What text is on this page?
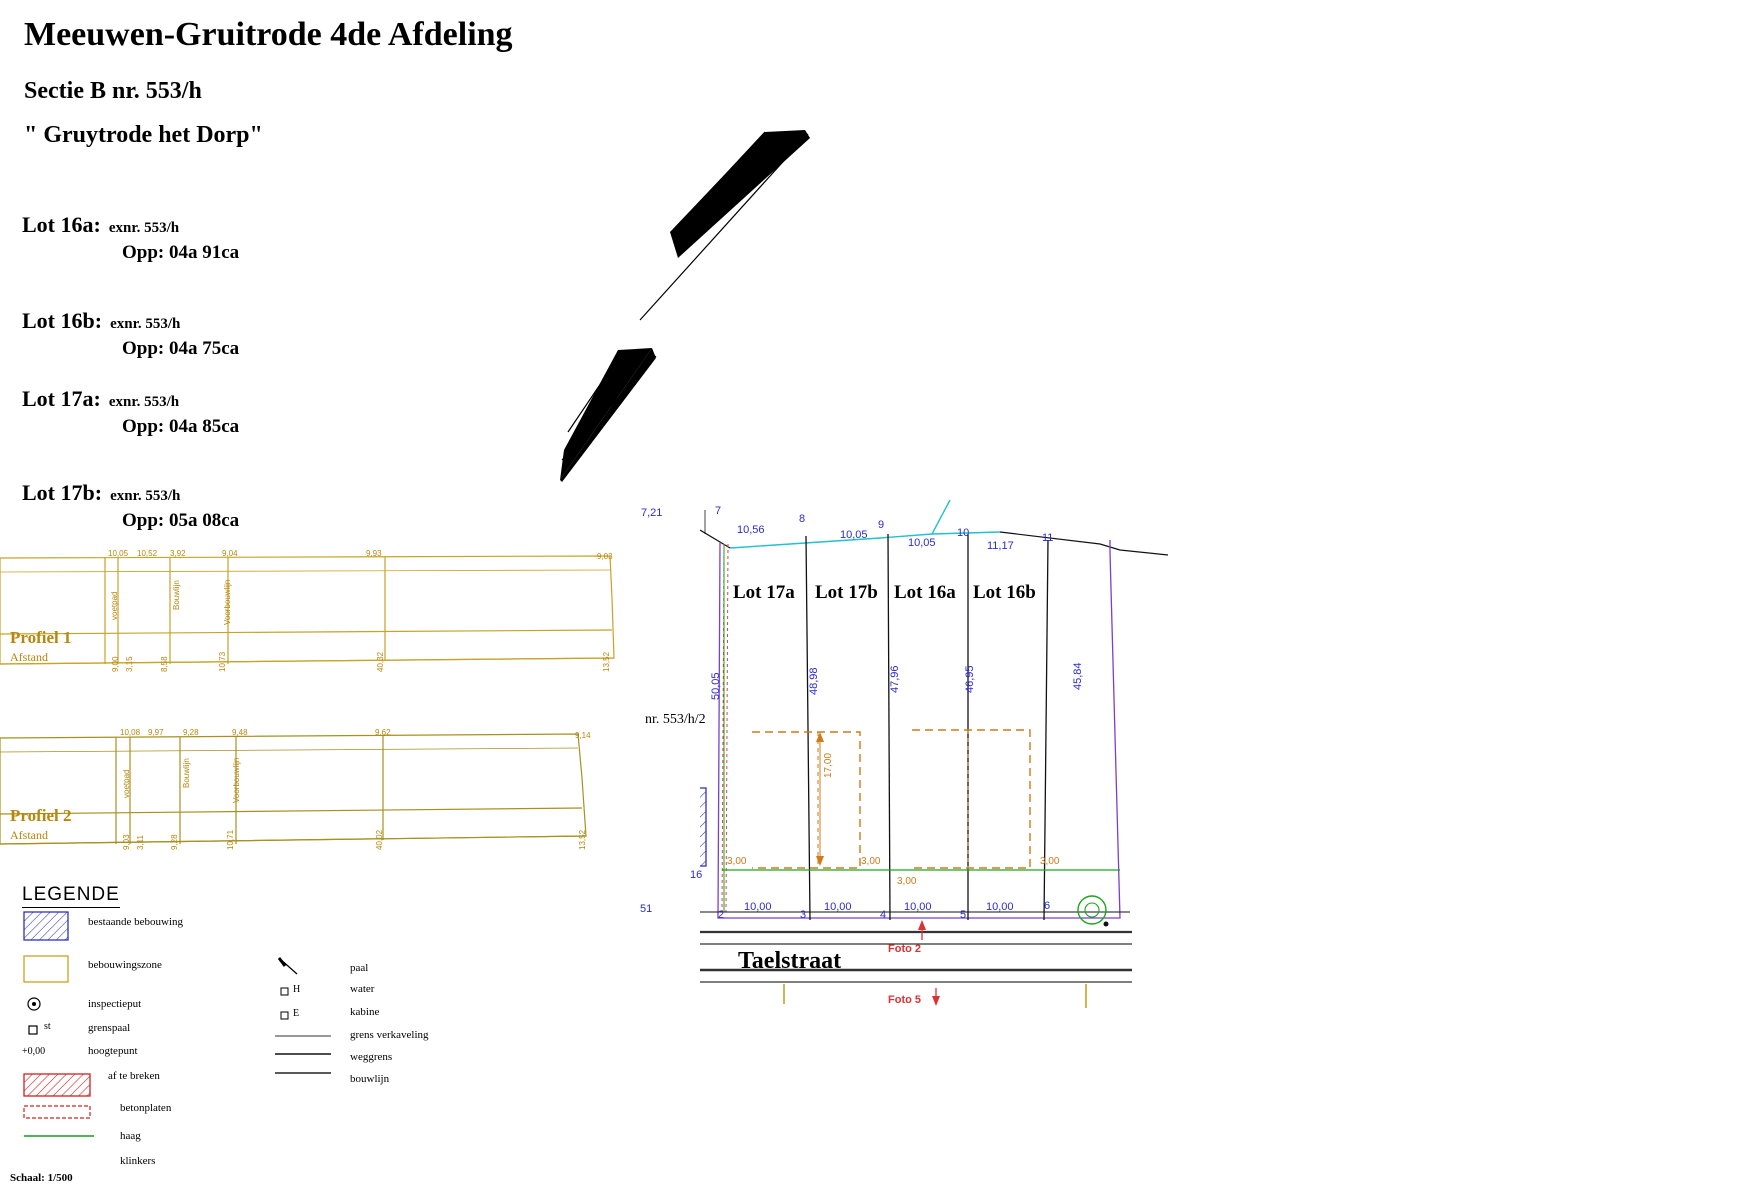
Meeuwen-Gruitrode 4de Afdeling
Sectie B nr. 553/h
" Gruytrode het Dorp"
Lot 16a: exnr. 553/h
Opp: 04a 91ca
Lot 16b: exnr. 553/h
Opp: 04a 75ca
Lot 17a: exnr. 553/h
Opp: 04a 85ca
Lot 17b: exnr. 553/h
Opp: 05a 08ca
10,05 10,52 3,92	9,04	9,93	9,03
Profiel 1
Afstand
voetpad	Voorbouwlijn
Bouwlijn
9,00 3,15	8,58	10,73	40,32	13,52
10,08 9,97 9,28	9,48	9,62	9,14
Profiel 2
Afstand
voetpad	Voorbouwlijn
Bouwlijn
9,03 3,11	9,28	10,71	40,02	13,52
LEGENDE
bestaande bebouwing
bebouwingszone
inspectieput
st	grenspaal
+0,00	hoogtepunt
af te breken
betonplaten
haag
klinkers
H
E
paal
water
kabine
grens verkaveling
weggrens
bouwlijn
Lot 17a Lot 17b Lot 16a Lot 16b
nr. 553/h/2
7,21
10,56	10,05
10,05	11,17
7
8	9
10	11
50,05	48,98	47,96	46,95	45,84
10,00	10,00	10,00	10,00
2	3	4	5
6
51
16
3,00	3,00	3,00
3,00
17,00
Taelstraat	Foto 2
Foto 5
Schaal: 1/500
